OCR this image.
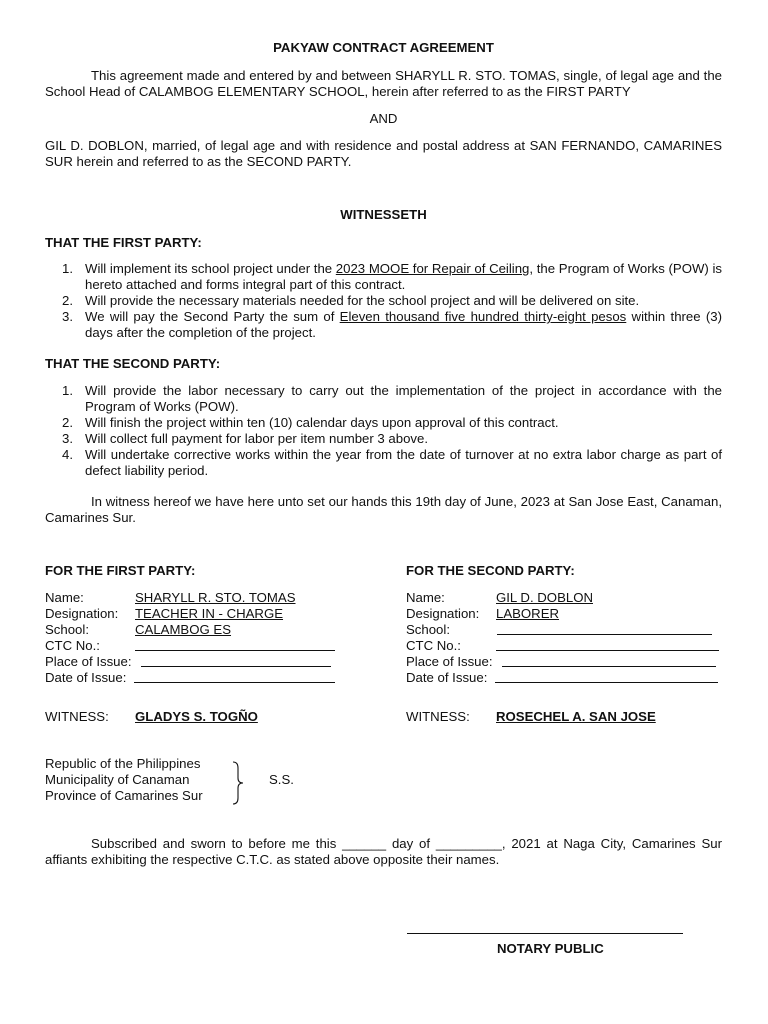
PAKYAW CONTRACT AGREEMENT
This agreement made and entered by and between SHARYLL R. STO. TOMAS, single, of legal age and the School Head of CALAMBOG ELEMENTARY SCHOOL, herein after referred to as the FIRST PARTY
AND
GIL D. DOBLON, married, of legal age and with residence and postal address at SAN FERNANDO, CAMARINES SUR herein and referred to as the SECOND PARTY.
WITNESSETH
THAT THE FIRST PARTY:
1. Will implement its school project under the 2023 MOOE for Repair of Ceiling, the Program of Works (POW) is hereto attached and forms integral part of this contract.
2. Will provide the necessary materials needed for the school project and will be delivered on site.
3. We will pay the Second Party the sum of Eleven thousand five hundred thirty-eight pesos within three (3) days after the completion of the project.
THAT THE SECOND PARTY:
1. Will provide the labor necessary to carry out the implementation of the project in accordance with the Program of Works (POW).
2. Will finish the project within ten (10) calendar days upon approval of this contract.
3. Will collect full payment for labor per item number 3 above.
4. Will undertake corrective works within the year from the date of turnover at no extra labor charge as part of defect liability period.
In witness hereof we have here unto set our hands this 19th day of June, 2023 at San Jose East, Canaman, Camarines Sur.
FOR THE FIRST PARTY:
Name:	SHARYLL R. STO. TOMAS
Designation: TEACHER IN - CHARGE
School:	CALAMBOG ES
CTC No.:
Place of Issue:
Date of Issue:
WITNESS: GLADYS S. TOGÑO
FOR THE SECOND PARTY:
Name:	GIL D. DOBLON
Designation: LABORER
School:
CTC No.:
Place of Issue:
Date of Issue:
WITNESS: ROSECHEL A. SAN JOSE
Republic of the Philippines
Municipality of Canaman
Province of Camarines Sur
S.S.
Subscribed and sworn to before me this ______ day of _________, 2021 at Naga City, Camarines Sur affiants exhibiting the respective C.T.C. as stated above opposite their names.
NOTARY PUBLIC
